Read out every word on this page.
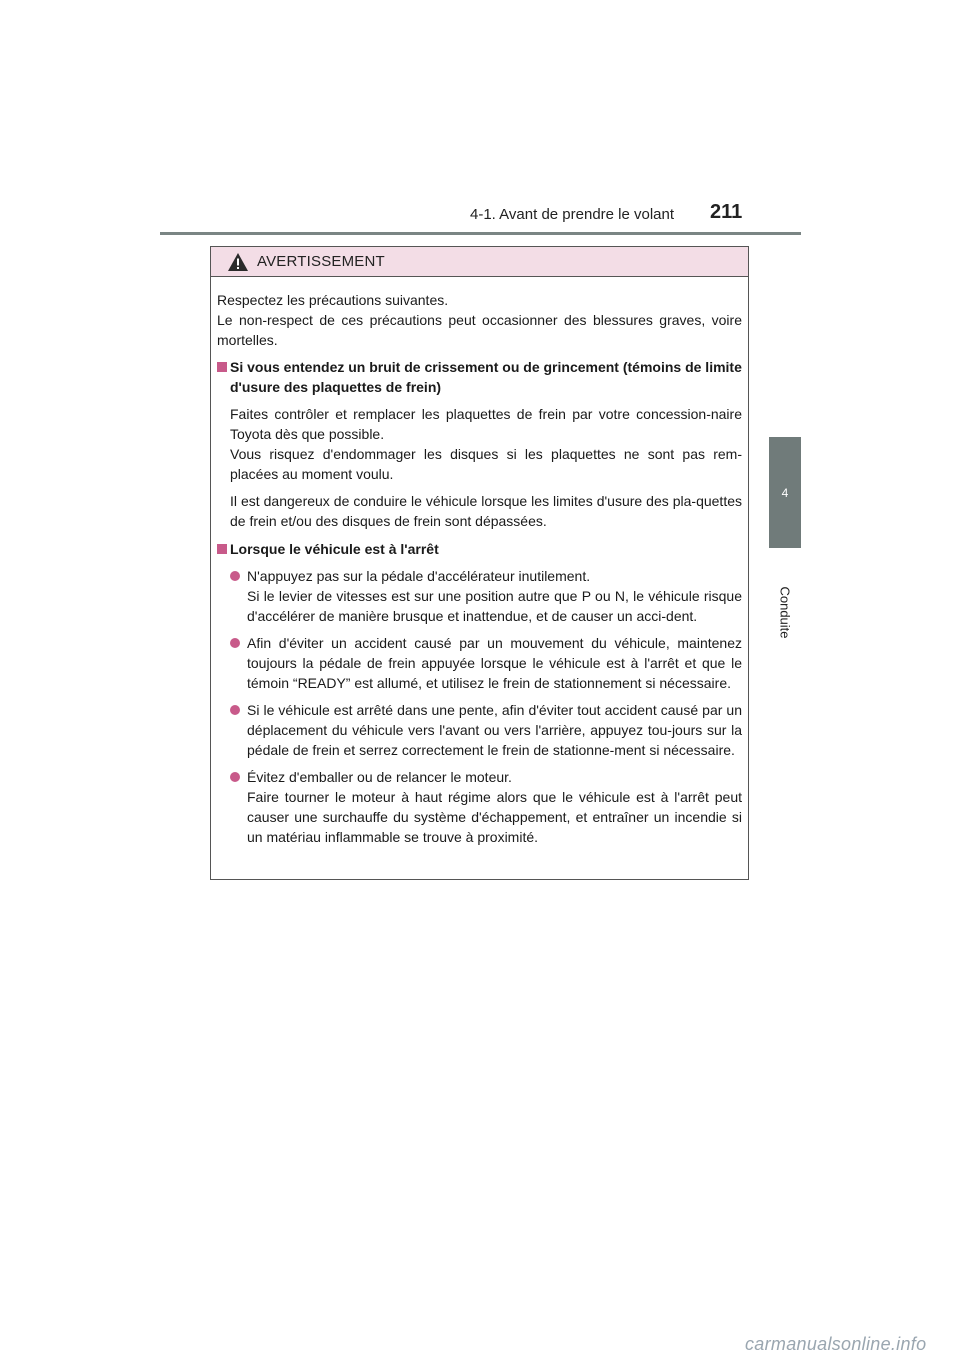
4-1. Avant de prendre le volant 211
4
Conduite
AVERTISSEMENT

Respectez les précautions suivantes.

Le non-respect de ces précautions peut occasionner des blessures graves, voire mortelles.

Si vous entendez un bruit de crissement ou de grincement (témoins de limite d'usure des plaquettes de frein)

Faites contrôler et remplacer les plaquettes de frein par votre concession-naire Toyota dès que possible.

Vous risquez d'endommager les disques si les plaquettes ne sont pas rem-placées au moment voulu.

Il est dangereux de conduire le véhicule lorsque les limites d'usure des pla-quettes de frein et/ou des disques de frein sont dépassées.

Lorsque le véhicule est à l'arrêt

N'appuyez pas sur la pédale d'accélérateur inutilement.
Si le levier de vitesses est sur une position autre que P ou N, le véhicule risque d'accélérer de manière brusque et inattendue, et de causer un acci-dent.
Afin d'éviter un accident causé par un mouvement du véhicule, maintenez toujours la pédale de frein appuyée lorsque le véhicule est à l'arrêt et que le témoin “READY” est allumé, et utilisez le frein de stationnement si nécessaire.
Si le véhicule est arrêté dans une pente, afin d'éviter tout accident causé par un déplacement du véhicule vers l'avant ou vers l'arrière, appuyez tou-jours sur la pédale de frein et serrez correctement le frein de stationne-ment si nécessaire.
Évitez d'emballer ou de relancer le moteur.
Faire tourner le moteur à haut régime alors que le véhicule est à l'arrêt peut causer une surchauffe du système d'échappement, et entraîner un incendie si un matériau inflammable se trouve à proximité.
carmanualsonline.info
